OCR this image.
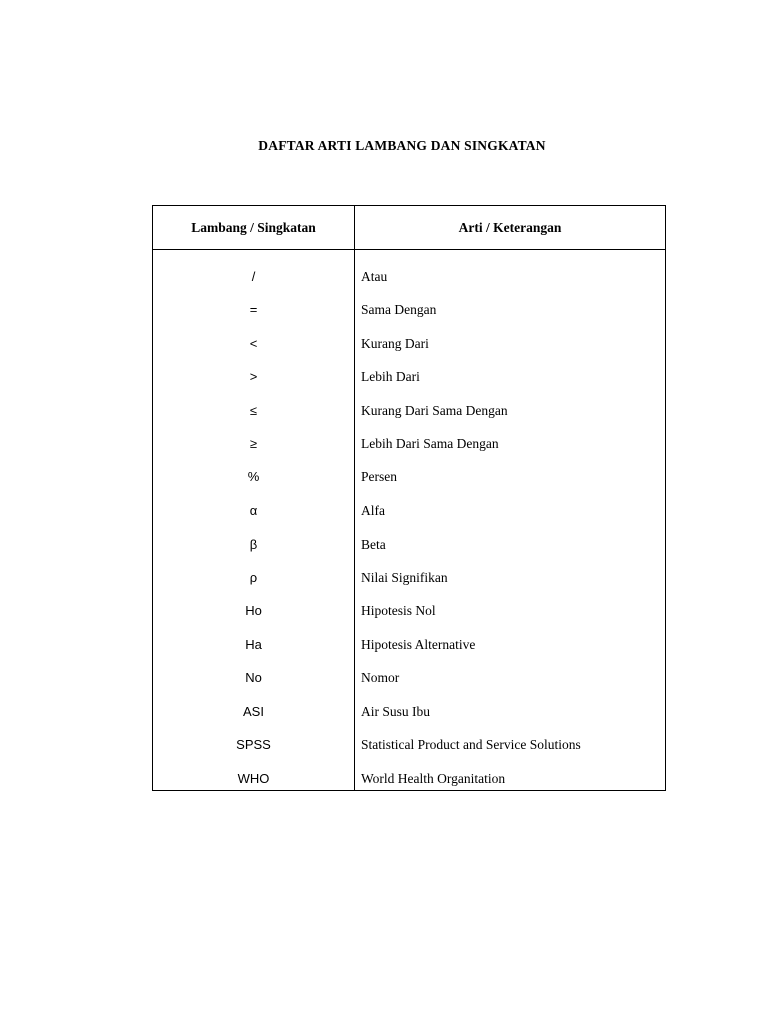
DAFTAR ARTI LAMBANG DAN SINGKATAN
Lambang / Singkatan	Arti / Keterangan
/	Atau
=	Sama Dengan
<	Kurang Dari
>	Lebih Dari
≤	Kurang Dari Sama Dengan
≥	Lebih Dari Sama Dengan
%	Persen
α	Alfa
β	Beta
ρ	Nilai Signifikan
Ho	Hipotesis Nol
Ha	Hipotesis Alternative
No	Nomor
ASI	Air Susu Ibu
SPSS	Statistical Product and Service Solutions
WHO	World Health Organitation
